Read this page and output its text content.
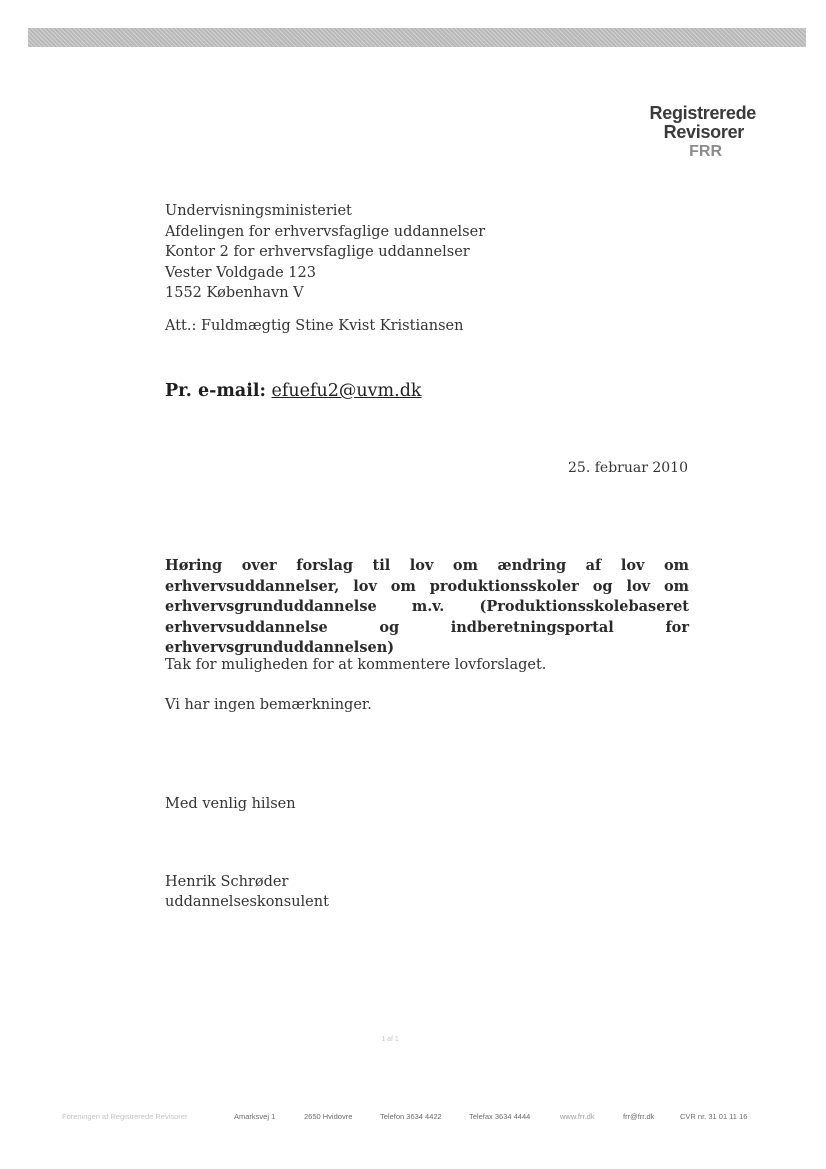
Registrerede
Revisorer
FRR
Undervisningsministeriet
Afdelingen for erhvervsfaglige uddannelser
Kontor 2 for erhvervsfaglige uddannelser
Vester Voldgade 123
1552 København V
Att.: Fuldmægtig Stine Kvist Kristiansen
Pr. e-mail: efuefu2@uvm.dk
25. februar 2010
Høring over forslag til lov om ændring af lov om erhvervsuddannelser, lov om produktionsskoler og lov om erhvervsgrunduddannelse m.v. (Produktionsskolebaseret erhvervsuddannelse og indberetningsportal for erhvervsgrunduddannelsen)
Tak for muligheden for at kommentere lovforslaget.
Vi har ingen bemærkninger.
Med venlig hilsen
Henrik Schrøder
uddannelseskonsulent
1 af 1
Foreningen af Registrerede Revisorer	Amarksvej 1	2650 Hvidovre	Telefon 3634 4422	Telefax 3634 4444	www.frr.dk	frr@frr.dk	CVR nr. 31 01 11 16
